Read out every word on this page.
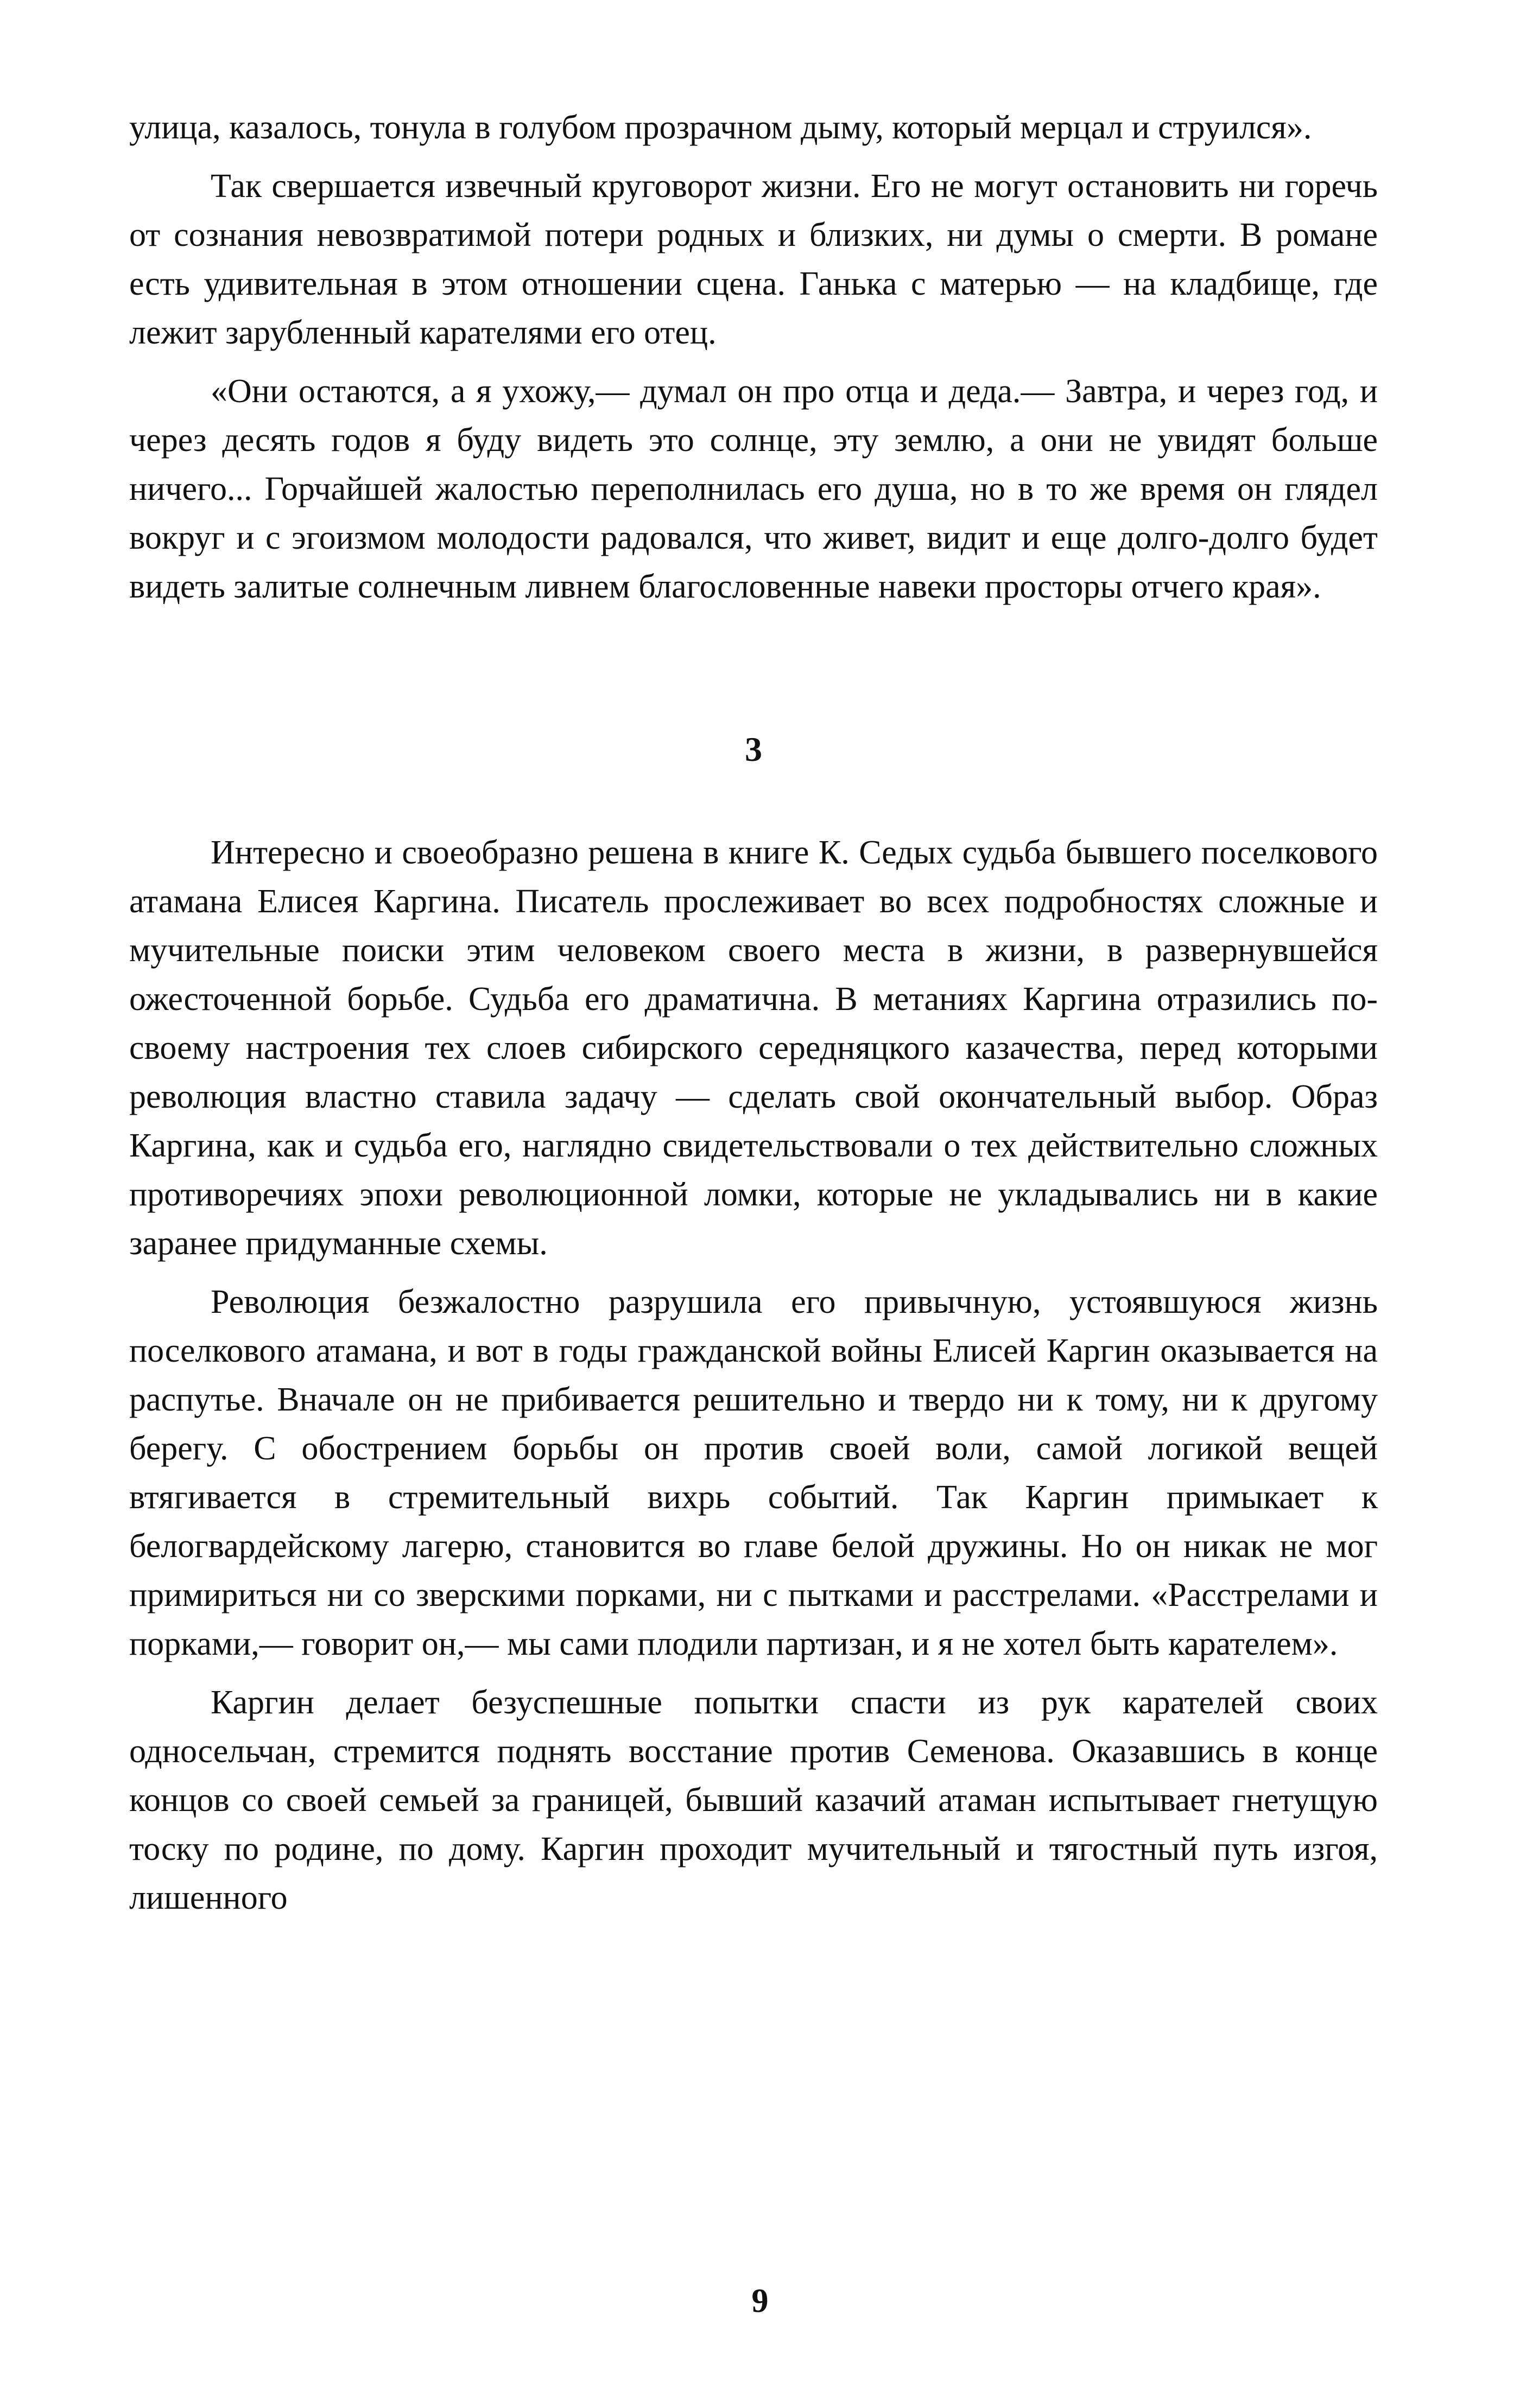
улица, казалось, тонула в голубом прозрачном дыму, который мерцал и струился».

Так свершается извечный круговорот жизни. Его не могут остановить ни горечь от сознания невозвратимой потери родных и близких, ни думы о смерти. В романе есть удивительная в этом отношении сцена. Ганька с матерью — на кладбище, где лежит зарубленный карателями его отец.

«Они остаются, а я ухожу,— думал он про отца и деда.— Завтра, и через год, и через десять годов я буду видеть это солнце, эту землю, а они не увидят больше ничего... Горчайшей жалостью переполнилась его душа, но в то же время он глядел вокруг и с эгоизмом молодости радовался, что живет, видит и еще долго-долго будет видеть залитые солнечным ливнем благословенные навеки просторы отчего края».

3

Интересно и своеобразно решена в книге К. Седых судьба бывшего поселкового атамана Елисея Каргина. Писатель прослеживает во всех подробностях сложные и мучительные поиски этим человеком своего места в жизни, в развернувшейся ожесточенной борьбе. Судьба его драматична. В метаниях Каргина отразились по-своему настроения тех слоев сибирского середняцкого казачества, перед которыми революция властно ставила задачу — сделать свой окончательный выбор. Образ Каргина, как и судьба его, наглядно свидетельствовали о тех действительно сложных противоречиях эпохи революционной ломки, которые не укладывались ни в какие заранее придуманные схемы.

Революция безжалостно разрушила его привычную, устоявшуюся жизнь поселкового атамана, и вот в годы гражданской войны Елисей Каргин оказывается на распутье. Вначале он не прибивается решительно и твердо ни к тому, ни к другому берегу. С обострением борьбы он против своей воли, самой логикой вещей втягивается в стремительный вихрь событий. Так Каргин примыкает к белогвардейскому лагерю, становится во главе белой дружины. Но он никак не мог примириться ни со зверскими порками, ни с пытками и расстрелами. «Расстрелами и порками,— говорит он,— мы сами плодили партизан, и я не хотел быть карателем».

Каргин делает безуспешные попытки спасти из рук карателей своих односельчан, стремится поднять восстание против Семенова. Оказавшись в конце концов со своей семьей за границей, бывший казачий атаман испытывает гнетущую тоску по родине, по дому. Каргин проходит мучительный и тягостный путь изгоя, лишенного

9
